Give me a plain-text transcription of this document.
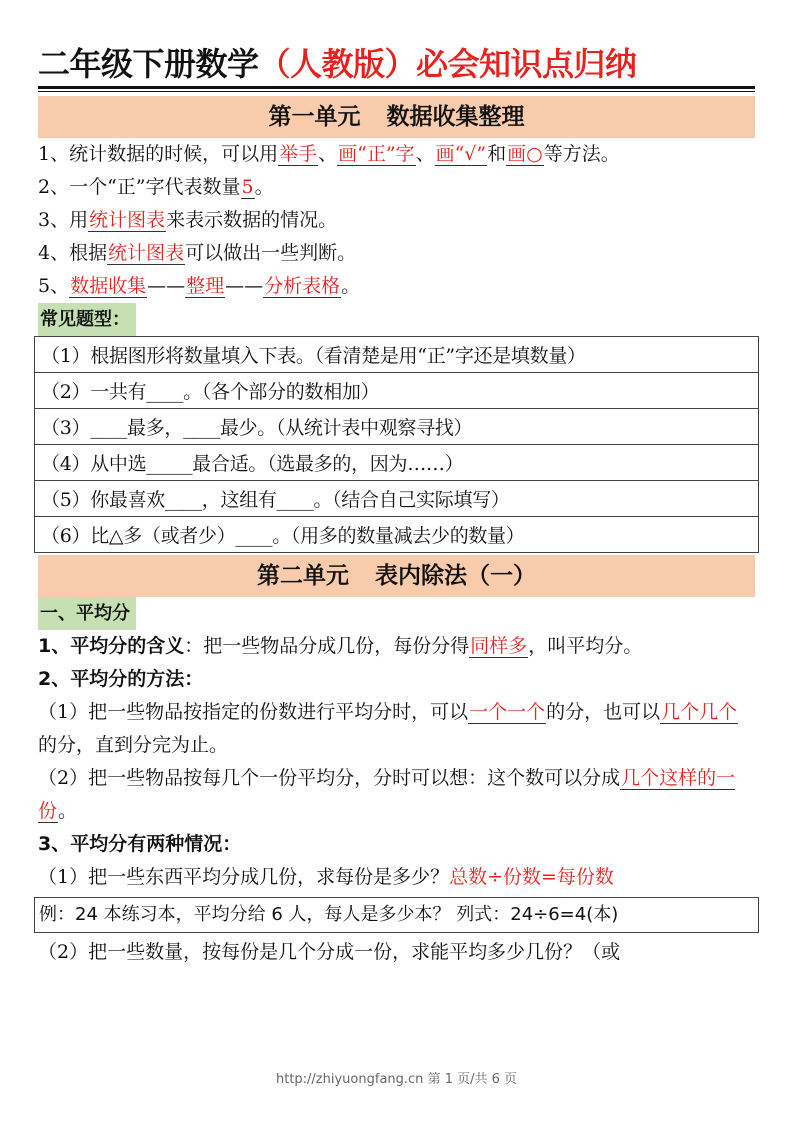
二年级下册数学（人教版）必会知识点归纳
第一单元 数据收集整理
1、统计数据的时候，可以用举手、画“正”字、画“√”和画○等方法。
2、一个“正”字代表数量5。
3、用统计图表来表示数据的情况。
4、根据统计图表可以做出一些判断。
5、数据收集——整理——分析表格。
常见题型：
（1）根据图形将数量填入下表。（看清楚是用“正”字还是填数量）
（2）一共有____。（各个部分的数相加）
（3）____最多，____最少。（从统计表中观察寻找）
（4）从中选_____最合适。（选最多的，因为……）
（5）你最喜欢____，这组有____。（结合自己实际填写）
（6）比△多（或者少）____。（用多的数量减去少的数量）
第二单元 表内除法（一）
一、平均分
1、平均分的含义：把一些物品分成几份，每份分得同样多，叫平均分。
2、平均分的方法：
（1）把一些物品按指定的份数进行平均分时，可以一个一个的分，也可以几个几个的分，直到分完为止。
（2）把一些物品按每几个一份平均分，分时可以想：这个数可以分成几个这样的一份。
3、平均分有两种情况：
（1）把一些东西平均分成几份，求每份是多少？总数÷份数=每份数
例：24 本练习本，平均分给 6 人，每人是多少本？ 列式：24÷6=4(本)
（2）把一些数量，按每份是几个分成一份，求能平均多少几份？（或
http://zhiyuongfang.cn 第 1 页/共 6 页
